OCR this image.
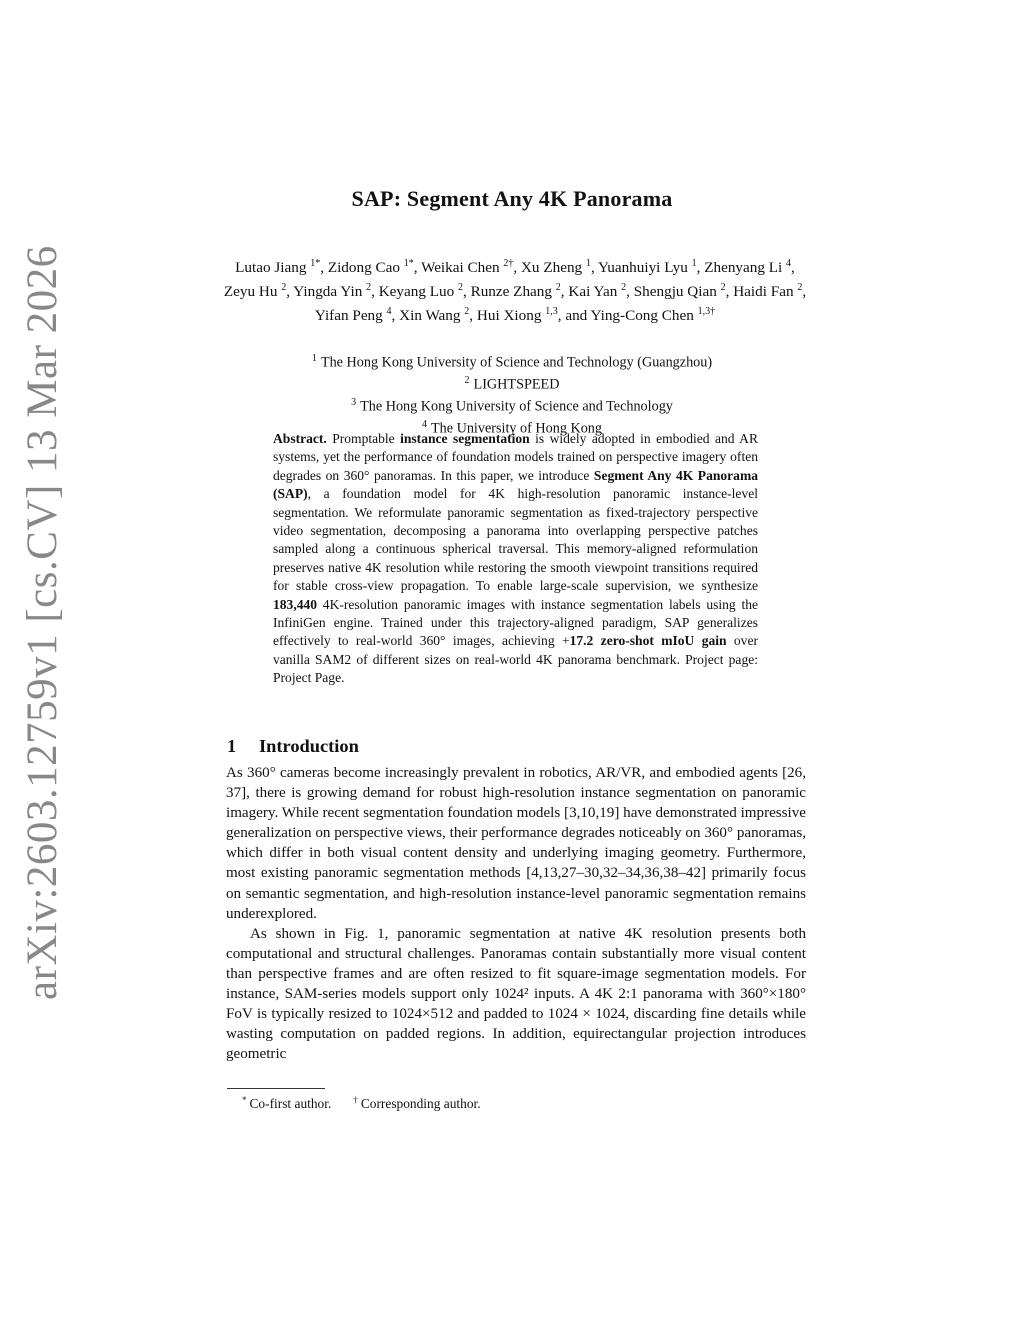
arXiv:2603.12759v1 [cs.CV] 13 Mar 2026
SAP: Segment Any 4K Panorama
Lutao Jiang $^{1*}$, Zidong Cao $^{1*}$, Weikai Chen $^{2\dagger}$, Xu Zheng $^1$, Yuanhuiyi Lyu $^1$, Zhenyang Li $^4$, Zeyu Hu $^2$, Yingda Yin $^2$, Keyang Luo $^2$, Runze Zhang $^2$, Kai Yan $^2$, Shengju Qian $^2$, Haidi Fan $^2$, Yifan Peng $^4$, Xin Wang $^2$, Hui Xiong $^{1,3}$, and Ying-Cong Chen $^{1,3\dagger}$
$^1$ The Hong Kong University of Science and Technology (Guangzhou)
$^2$ LIGHTSPEED
$^3$ The Hong Kong University of Science and Technology
$^4$ The University of Hong Kong
Abstract. Promptable instance segmentation is widely adopted in embodied and AR systems, yet the performance of foundation models trained on perspective imagery often degrades on 360° panoramas. In this paper, we introduce Segment Any 4K Panorama (SAP), a foundation model for 4K high-resolution panoramic instance-level segmentation. We reformulate panoramic segmentation as fixed-trajectory perspective video segmentation, decomposing a panorama into overlapping perspective patches sampled along a continuous spherical traversal. This memory-aligned reformulation preserves native 4K resolution while restoring the smooth viewpoint transitions required for stable cross-view propagation. To enable large-scale supervision, we synthesize 183,440 4K-resolution panoramic images with instance segmentation labels using the InfiniGen engine. Trained under this trajectory-aligned paradigm, SAP generalizes effectively to real-world 360° images, achieving +17.2 zero-shot mIoU gain over vanilla SAM2 of different sizes on real-world 4K panorama benchmark. Project page: Project Page.
1 Introduction

As 360° cameras become increasingly prevalent in robotics, AR/VR, and embodied agents [26, 37], there is growing demand for robust high-resolution instance segmentation on panoramic imagery. While recent segmentation foundation models [3,10,19] have demonstrated impressive generalization on perspective views, their performance degrades noticeably on 360° panoramas, which differ in both visual content density and underlying imaging geometry. Furthermore, most existing panoramic segmentation methods [4,13,27–30,32–34,36,38–42] primarily focus on semantic segmentation, and high-resolution instance-level panoramic segmentation remains underexplored.

As shown in Fig. 1, panoramic segmentation at native 4K resolution presents both computational and structural challenges. Panoramas contain substantially more visual content than perspective frames and are often resized to fit square-image segmentation models. For instance, SAM-series models support only 1024² inputs. A 4K 2:1 panorama with 360°×180° FoV is typically resized to 1024×512 and padded to 1024 × 1024, discarding fine details while wasting computation on padded regions. In addition, equirectangular projection introduces geometric

* Co-first author. † Corresponding author.
